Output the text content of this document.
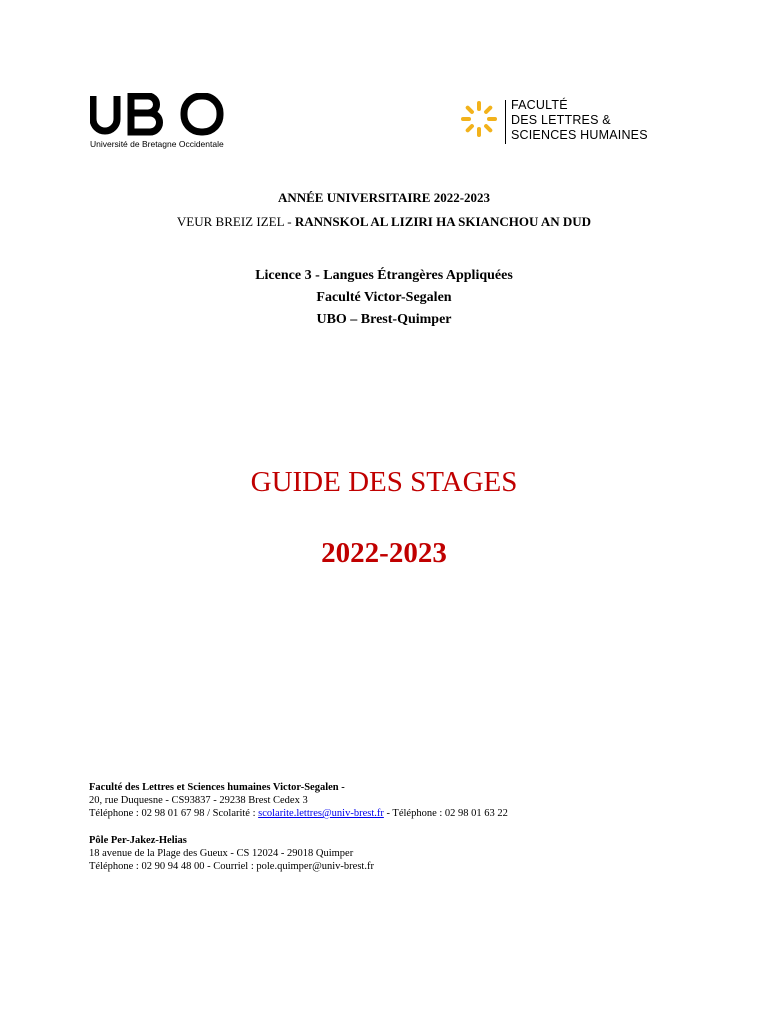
Université de Bretagne Occidentale
FACULTÉ
DES LETTRES &
SCIENCES HUMAINES
ANNÉE UNIVERSITAIRE 2022-2023
VEUR BREIZ IZEL - RANNSKOL AL LIZIRI HA SKIANCHOU AN DUD
Licence 3 - Langues Étrangères Appliquées
Faculté Victor-Segalen
UBO – Brest-Quimper
GUIDE DES STAGES
2022-2023
Faculté des Lettres et Sciences humaines Victor-Segalen -
20, rue Duquesne - CS93837 - 29238 Brest Cedex 3
Téléphone : 02 98 01 67 98 / Scolarité : scolarite.lettres@univ-brest.fr - Téléphone : 02 98 01 63 22
Pôle Per-Jakez-Helias
18 avenue de la Plage des Gueux - CS 12024 - 29018 Quimper
Téléphone : 02 90 94 48 00 - Courriel : pole.quimper@univ-brest.fr
